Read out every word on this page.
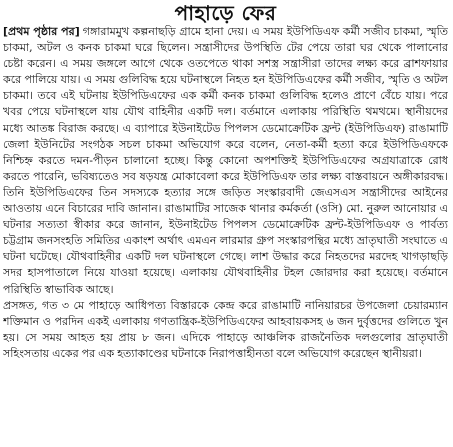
পাহাড়ে ফের

[প্রথম পৃষ্ঠার পর] গঙ্গারামমুখ কল্পনাছড়ি গ্রামে হানা দেয়। এ সময় ইউপিডিএফ কর্মী সজীব চাকমা, স্মৃতি চাকমা, অটল ও কনক চাকমা ঘরে ছিলেন। সন্ত্রাসীদের উপস্থিতি টের পেয়ে তারা ঘর থেকে পালানোর চেষ্টা করেন। এ সময় জঙ্গলে আগে থেকে ওতপেতে থাকা সশস্ত্র সন্ত্রাসীরা তাদের লক্ষ্য করে ব্রাশফায়ার করে পালিয়ে যায়। এ সময় গুলিবিদ্ধ হয়ে ঘটনাস্থলে নিহত হন ইউপিডিএফের কর্মী সজীব, স্মৃতি ও অটল চাকমা। তবে এই ঘটনায় ইউপিডিএফের এক কর্মী কনক চাকমা গুলিবিদ্ধ হলেও প্রাণে বেঁচে যায়। পরে খবর পেয়ে ঘটনাস্থলে যায় যৌথ বাহিনীর একটি দল। বর্তমানে এলাকায় পরিস্থিতি থমথমে। স্থানীয়দের মধ্যে আতঙ্ক বিরাজ করছে। এ ব্যাপারে ইউনাইটেড পিপলস ডেমোক্রেটিক ফ্রন্ট (ইউপিডিএফ) রাঙামাটি জেলা ইউনিটের সংগঠক সচল চাকমা অভিযোগ করে বলেন, নেতা-কর্মী হত্যা করে ইউপিডিএফকে নিশ্চিহ্ন করতে দমন-পীড়ন চালানো হচ্ছে। কিন্তু কোনো অপশক্তিই ইউপিডিএফের অগ্রযাত্রাকে রোধ করতে পারেনি, ভবিষ্যতেও সব ষড়যন্ত্র মোকাবেলা করে ইউপিডিএফ তার লক্ষ্য বাস্তবায়নে অঙ্গীকারবদ্ধ। তিনি ইউপিডিএফের তিন সদস্যকে হত্যার সঙ্গে জড়িত সংস্কারবাদী জেএসএস সন্ত্রাসীদের আইনের আওতায় এনে বিচারের দাবি জানান। রাঙামাটির সাজেক থানার কর্মকর্তা (ওসি) মো. নুরুল আনোয়ার এ ঘটনার সত্যতা স্বীকার করে জানান, ইউনাইটেড পিপলস ডেমোক্রেটিক ফ্রন্ট-ইউপিডিএফ ও পার্বত্য চট্টগ্রাম জনসংহতি সমিতির একাংশ অর্থাৎ এমএন লারমার গ্রুপ সংস্কারপন্থির মধ্যে ভ্রাতৃঘাতী সংঘাতে এ ঘটনা ঘটেছে। যৌথবাহিনীর একটি দল ঘটনাস্থলে গেছে। লাশ উদ্ধার করে নিহতদের মরদেহ খাগড়াছড়ি সদর হাসপাতালে নিয়ে যাওয়া হয়েছে। এলাকায় যৌথবাহিনীর টহল জোরদার করা হয়েছে। বর্তমানে পরিস্থিতি স্বাভাবিক আছে।

প্রসঙ্গত, গত ৩ মে পাহাড়ে আধিপত্য বিস্তারকে কেন্দ্র করে রাঙামাটি নানিয়ারচর উপজেলা চেয়ারম্যান শক্তিমান ও পরদিন একই এলাকায় গণতান্ত্রিক-ইউপিডিএফের আহবায়কসহ ৬ জন দুর্বৃত্তদের গুলিতে খুন হয়। সে সময় আহত হয় প্রায় ৮ জন। এদিকে পাহাড়ে আঞ্চলিক রাজনৈতিক দলগুলোর ভ্রাতৃঘাতী সহিংসতায় একের পর এক হত্যাকাণ্ডের ঘটনাকে নিরাপত্তাহীনতা বলে অভিযোগ করেছেন স্থানীয়রা।
